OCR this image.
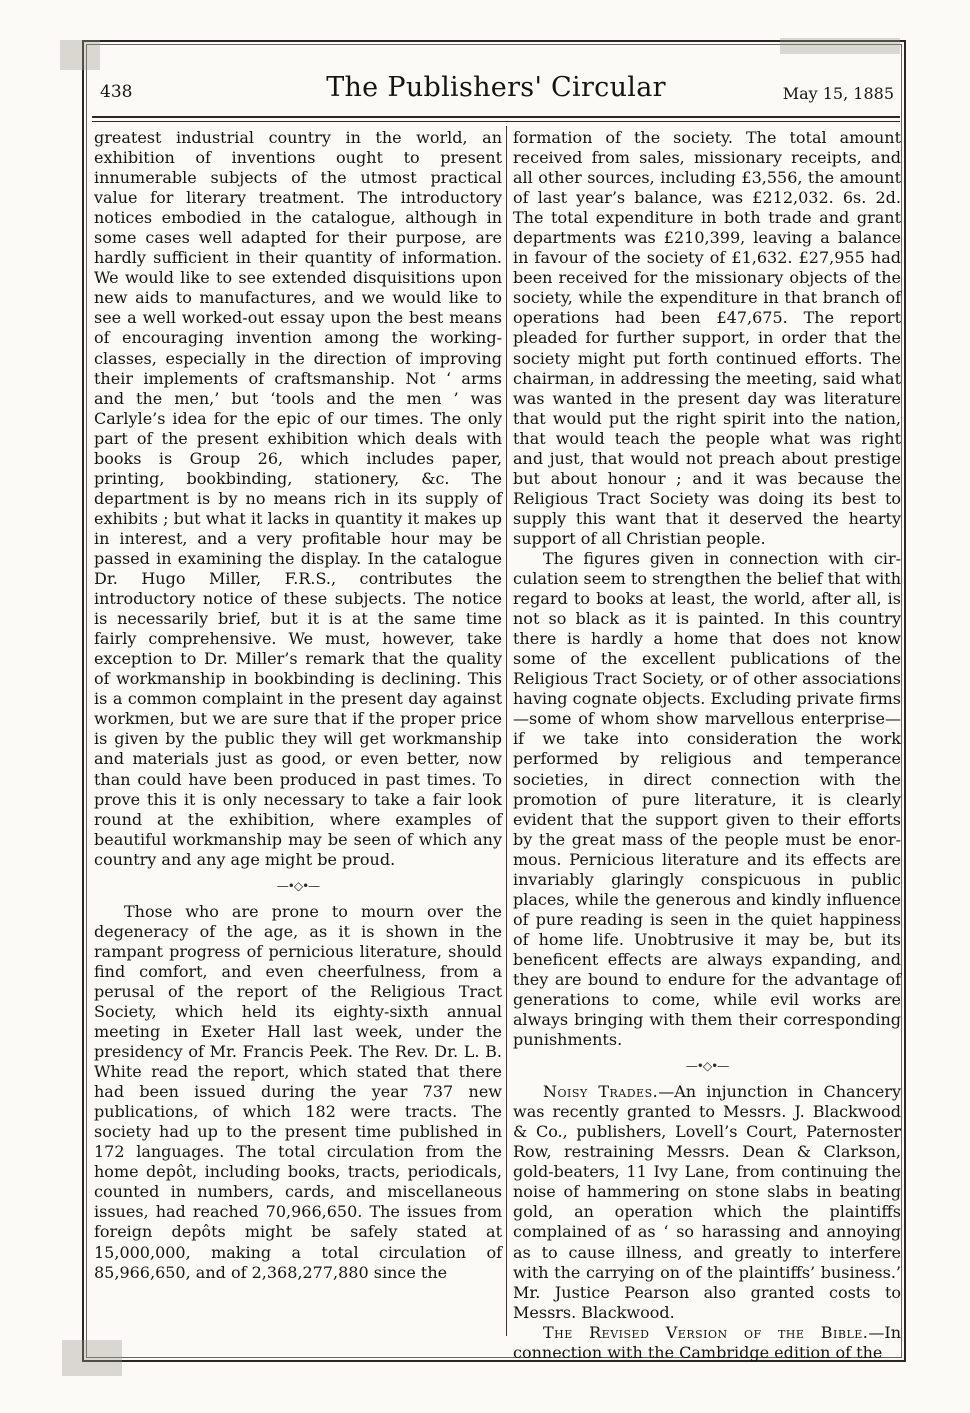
438	The Publishers' Circular	May 15, 1885

greatest industrial country in the world, an exhibition of inventions ought to present innumerable subjects of the utmost practical value for literary treatment. The introductory notices embodied in the catalogue, although in some cases well adapted for their purpose, are hardly sufficient in their quantity of information. We would like to see extended disquisitions upon new aids to manufactures, and we would like to see a well worked-out essay upon the best means of encouraging invention among the working-classes, especially in the direction of improving their implements of craftsmanship. Not ‘ arms and the men,’ but ‘tools and the men ’ was Carlyle’s idea for the epic of our times. The only part of the present exhibition which deals with books is Group 26, which includes paper, printing, bookbinding, stationery, &c. The department is by no means rich in its supply of exhibits ; but what it lacks in quantity it makes up in interest, and a very profitable hour may be passed in examining the display. In the catalogue Dr. Hugo Miller, F.R.S., contributes the introductory notice of these subjects. The notice is necessarily brief, but it is at the same time fairly comprehensive. We must, however, take exception to Dr. Miller’s remark that the quality of workmanship in bookbinding is declining. This is a common complaint in the present day against workmen, but we are sure that if the proper price is given by the public they will get workmanship and materials just as good, or even better, now than could have been produced in past times. To prove this it is only necessary to take a fair look round at the exhibition, where examples of beautiful workmanship may be seen of which any country and any age might be proud.

—•◇•—

Those who are prone to mourn over the degeneracy of the age, as it is shown in the rampant progress of pernicious literature, should find comfort, and even cheerfulness, from a perusal of the report of the Religious Tract Society, which held its eighty-sixth annual meeting in Exeter Hall last week, under the presidency of Mr. Francis Peek. The Rev. Dr. L. B. White read the report, which stated that there had been issued during the year 737 new publications, of which 182 were tracts. The society had up to the present time published in 172 languages. The total circulation from the home depôt, including books, tracts, periodicals, counted in numbers, cards, and miscellaneous issues, had reached 70,966,650. The issues from foreign depôts might be safely stated at 15,000,000, making a total circulation of 85,966,650, and of 2,368,277,880 since the

formation of the society. The total amount received from sales, missionary receipts, and all other sources, including £3,556, the amount of last year’s balance, was £212,032. 6s. 2d. The total expenditure in both trade and grant departments was £210,399, leaving a balance in favour of the society of £1,632. £27,955 had been received for the missionary objects of the society, while the expenditure in that branch of operations had been £47,675. The report pleaded for further support, in order that the society might put forth continued efforts. The chairman, in addressing the meeting, said what was wanted in the present day was literature that would put the right spirit into the nation, that would teach the people what was right and just, that would not preach about prestige but about honour ; and it was because the Religious Tract Society was doing its best to supply this want that it deserved the hearty support of all Christian people.

The figures given in connection with circulation seem to strengthen the belief that with regard to books at least, the world, after all, is not so black as it is painted. In this country there is hardly a home that does not know some of the excellent publications of the Religious Tract Society, or of other associations having cognate objects. Excluding private firms—some of whom show marvellous enterprise—if we take into consideration the work performed by religious and temperance societies, in direct connection with the promotion of pure literature, it is clearly evident that the support given to their efforts by the great mass of the people must be enormous. Pernicious literature and its effects are invariably glaringly conspicuous in public places, while the generous and kindly influence of pure reading is seen in the quiet happiness of home life. Unobtrusive it may be, but its beneficent effects are always expanding, and they are bound to endure for the advantage of generations to come, while evil works are always bringing with them their corresponding punishments.

—•◇•—

Noisy Trades.—An injunction in Chancery was recently granted to Messrs. J. Blackwood & Co., publishers, Lovell’s Court, Paternoster Row, restraining Messrs. Dean & Clarkson, gold-beaters, 11 Ivy Lane, from continuing the noise of hammering on stone slabs in beating gold, an operation which the plaintiffs complained of as ‘ so harassing and annoying as to cause illness, and greatly to interfere with the carrying on of the plaintiffs’ business.’ Mr. Justice Pearson also granted costs to Messrs. Blackwood.

The Revised Version of the Bible.—In connection with the Cambridge edition of the
